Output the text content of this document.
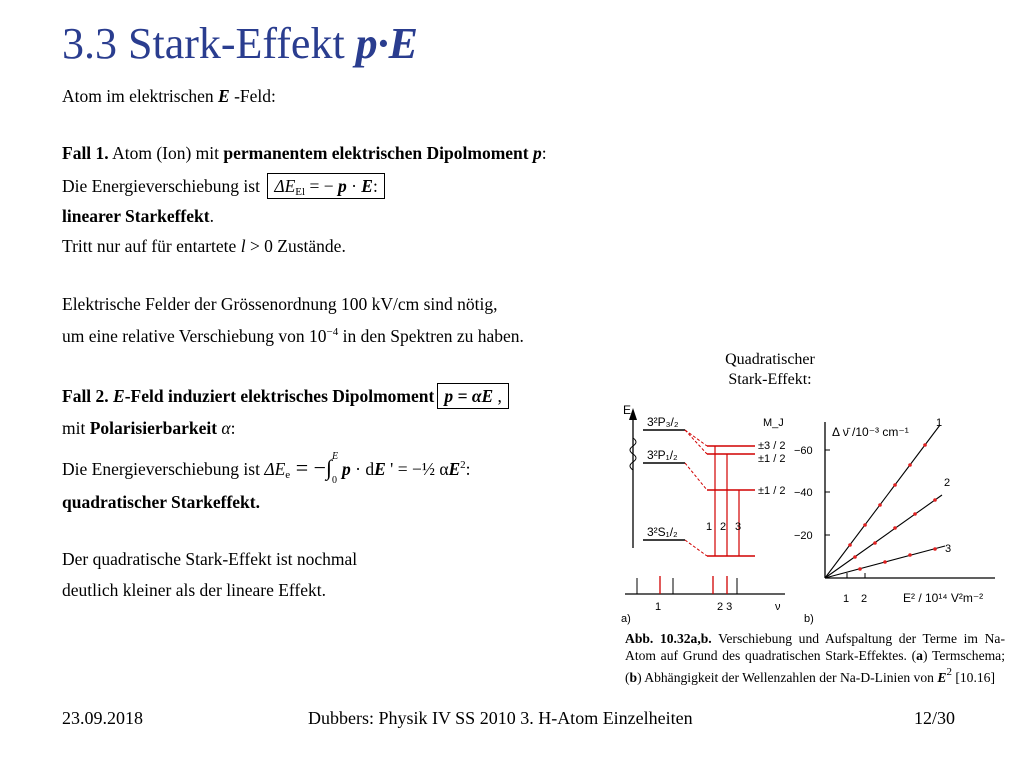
3.3 Stark-Effekt p·E
Atom im elektrischen E -Feld:
Fall 1. Atom (Ion) mit permanentem elektrischen Dipolmoment p:
Die Energieverschiebung ist $\Delta E_{El}$ = − p · E:
linearer Starkeffekt.
Tritt nur auf für entartete l > 0 Zustände.
Elektrische Felder der Grössenordnung 100 kV/cm sind nötig,
um eine relative Verschiebung von $10^{-4}$ in den Spektren zu haben.
Fall 2. E-Feld induziert elektrisches Dipolmoment p = αE ,
mit Polarisierbarkeit α:
Die Energieverschiebung ist $\Delta E_e$ = −∫ E
0
p · dE ' = −½ $\alpha E^2$:
quadratischer Starkeffekt.
Der quadratische Stark-Effekt ist nochmal
deutlich kleiner als der lineare Effekt.
Quadratischer
Stark-Effekt:
E
3²P₃/₂
3²P₁/₂
3²S₁/₂
M_J
±3 / 2
±1 / 2
±1 / 2
1 2 3
1	2 3	ν
a)
Δ ν̄ /10⁻³ cm⁻¹
−60
−40
−20
1 2	E² / 10¹⁴ V²m⁻²
1
2
3
b)
Abb. 10.32a,b. Verschiebung und Aufspaltung der Terme im Na-Atom auf Grund des quadratischen Stark-Effektes. (a) Termschema; (b) Abhängigkeit der Wellenzahlen der Na-D-Linien von $E^2$ [10.16]
23.09.2018	Dubbers: Physik IV SS 2010 3. H-Atom Einzelheiten	12/30
